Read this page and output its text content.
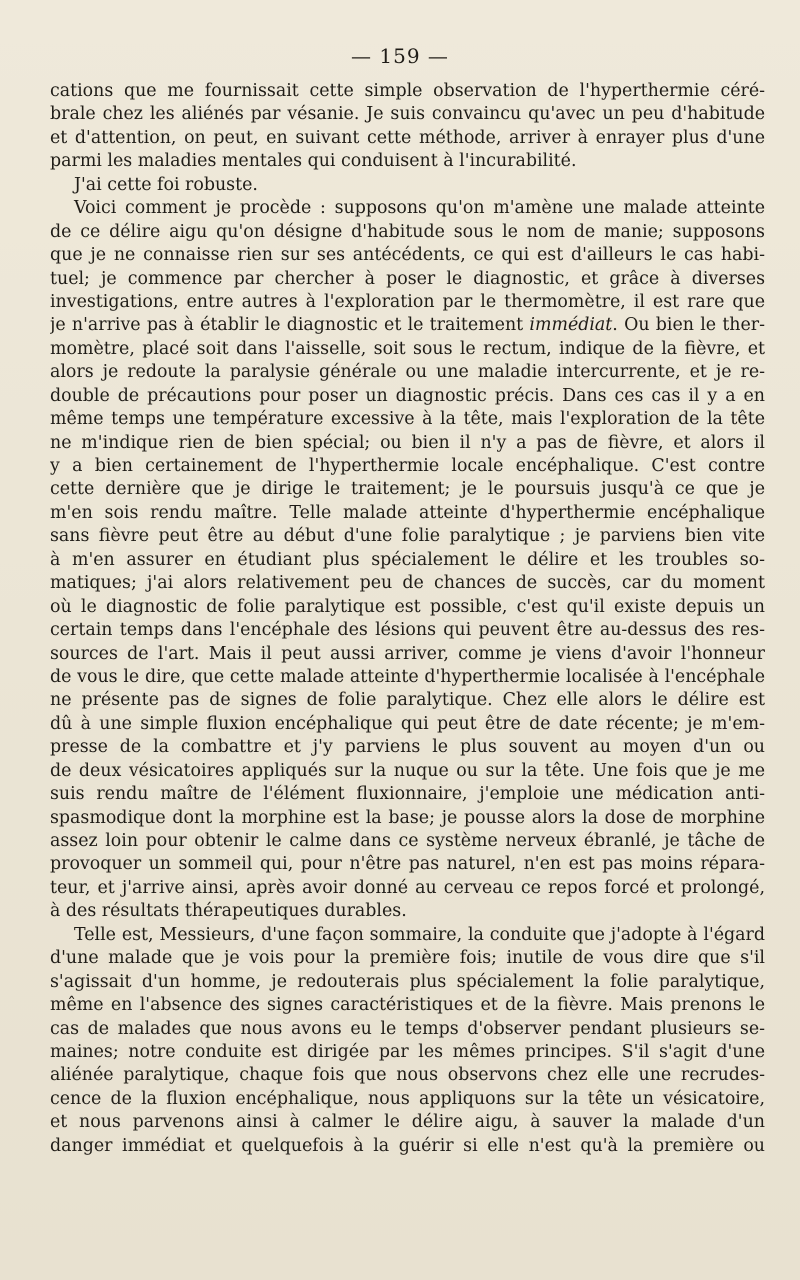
— 159 —
cations que me fournissait cette simple observation de l'hyperthermie céré-
brale chez les aliénés par vésanie. Je suis convaincu qu'avec un peu d'habitude
et d'attention, on peut, en suivant cette méthode, arriver à enrayer plus d'une
parmi les maladies mentales qui conduisent à l'incurabilité.
J'ai cette foi robuste.
Voici comment je procède : supposons qu'on m'amène une malade atteinte
de ce délire aigu qu'on désigne d'habitude sous le nom de manie; supposons
que je ne connaisse rien sur ses antécédents, ce qui est d'ailleurs le cas habi-
tuel; je commence par chercher à poser le diagnostic, et grâce à diverses
investigations, entre autres à l'exploration par le thermomètre, il est rare que
je n'arrive pas à établir le diagnostic et le traitement immédiat. Ou bien le ther-
momètre, placé soit dans l'aisselle, soit sous le rectum, indique de la fièvre, et
alors je redoute la paralysie générale ou une maladie intercurrente, et je re-
double de précautions pour poser un diagnostic précis. Dans ces cas il y a en
même temps une température excessive à la tête, mais l'exploration de la tête
ne m'indique rien de bien spécial; ou bien il n'y a pas de fièvre, et alors il
y a bien certainement de l'hyperthermie locale encéphalique. C'est contre
cette dernière que je dirige le traitement; je le poursuis jusqu'à ce que je
m'en sois rendu maître. Telle malade atteinte d'hyperthermie encéphalique
sans fièvre peut être au début d'une folie paralytique ; je parviens bien vite
à m'en assurer en étudiant plus spécialement le délire et les troubles so-
matiques; j'ai alors relativement peu de chances de succès, car du moment
où le diagnostic de folie paralytique est possible, c'est qu'il existe depuis un
certain temps dans l'encéphale des lésions qui peuvent être au-dessus des res-
sources de l'art. Mais il peut aussi arriver, comme je viens d'avoir l'honneur
de vous le dire, que cette malade atteinte d'hyperthermie localisée à l'encéphale
ne présente pas de signes de folie paralytique. Chez elle alors le délire est
dû à une simple fluxion encéphalique qui peut être de date récente; je m'em-
presse de la combattre et j'y parviens le plus souvent au moyen d'un ou
de deux vésicatoires appliqués sur la nuque ou sur la tête. Une fois que je me
suis rendu maître de l'élément fluxionnaire, j'emploie une médication anti-
spasmodique dont la morphine est la base; je pousse alors la dose de morphine
assez loin pour obtenir le calme dans ce système nerveux ébranlé, je tâche de
provoquer un sommeil qui, pour n'être pas naturel, n'en est pas moins répara-
teur, et j'arrive ainsi, après avoir donné au cerveau ce repos forcé et prolongé,
à des résultats thérapeutiques durables.
Telle est, Messieurs, d'une façon sommaire, la conduite que j'adopte à l'égard
d'une malade que je vois pour la première fois; inutile de vous dire que s'il
s'agissait d'un homme, je redouterais plus spécialement la folie paralytique,
même en l'absence des signes caractéristiques et de la fièvre. Mais prenons le
cas de malades que nous avons eu le temps d'observer pendant plusieurs se-
maines; notre conduite est dirigée par les mêmes principes. S'il s'agit d'une
aliénée paralytique, chaque fois que nous observons chez elle une recrudes-
cence de la fluxion encéphalique, nous appliquons sur la tête un vésicatoire,
et nous parvenons ainsi à calmer le délire aigu, à sauver la malade d'un
danger immédiat et quelquefois à la guérir si elle n'est qu'à la première ou
